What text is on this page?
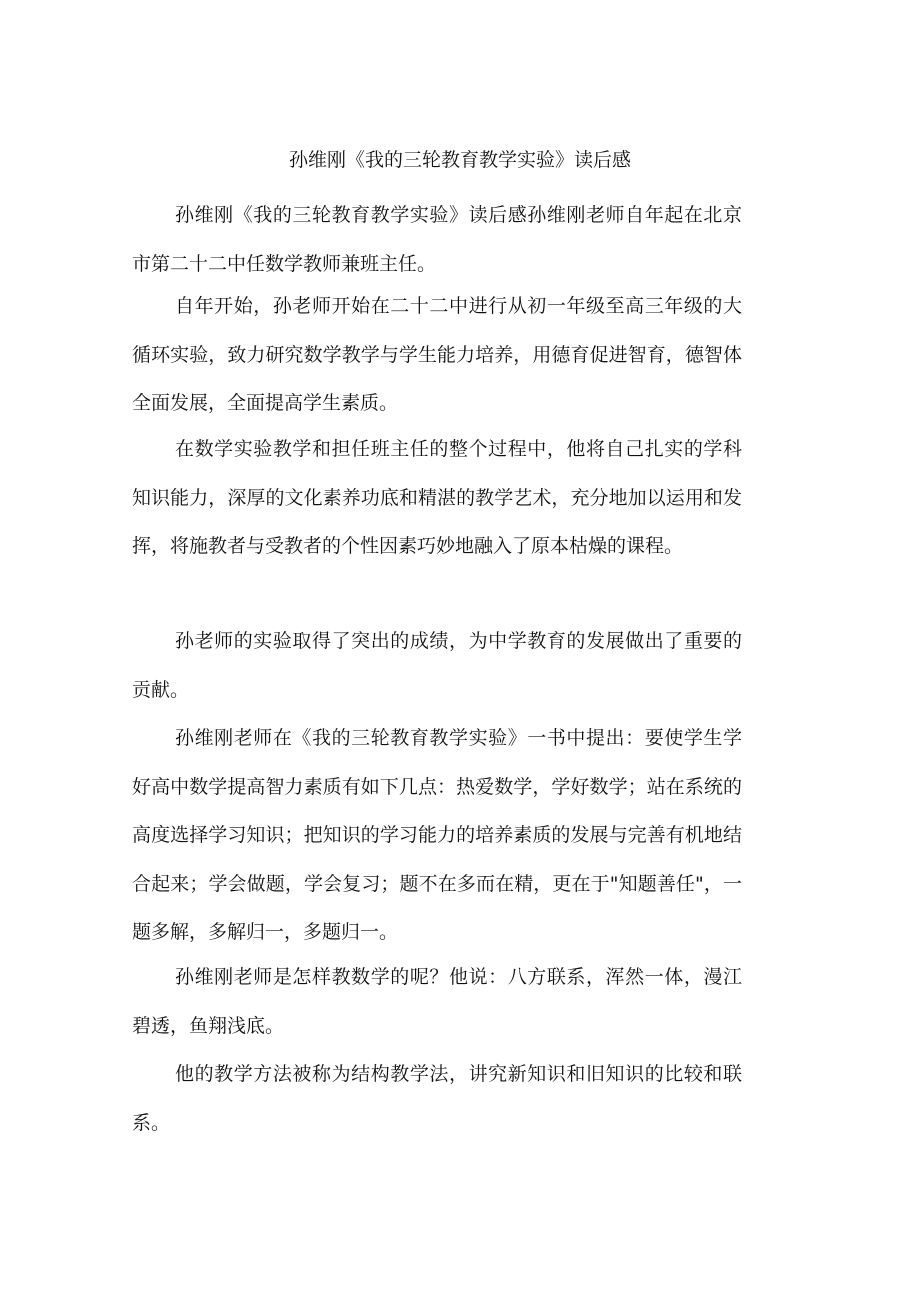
孙维刚《我的三轮教育教学实验》读后感

孙维刚《我的三轮教育教学实验》读后感孙维刚老师自年起在北京市第二十二中任数学教师兼班主任。

自年开始，孙老师开始在二十二中进行从初一年级至高三年级的大循环实验，致力研究数学教学与学生能力培养，用德育促进智育，德智体全面发展，全面提高学生素质。

在数学实验教学和担任班主任的整个过程中，他将自己扎实的学科知识能力，深厚的文化素养功底和精湛的教学艺术，充分地加以运用和发挥，将施教者与受教者的个性因素巧妙地融入了原本枯燥的课程。

孙老师的实验取得了突出的成绩，为中学教育的发展做出了重要的贡献。

孙维刚老师在《我的三轮教育教学实验》一书中提出：要使学生学好高中数学提高智力素质有如下几点：热爱数学，学好数学；站在系统的高度选择学习知识；把知识的学习能力的培养素质的发展与完善有机地结合起来；学会做题，学会复习；题不在多而在精，更在于"知题善任"，一题多解，多解归一，多题归一。

孙维刚老师是怎样教数学的呢？他说：八方联系，浑然一体，漫江碧透，鱼翔浅底。

他的教学方法被称为结构教学法，讲究新知识和旧知识的比较和联系。
